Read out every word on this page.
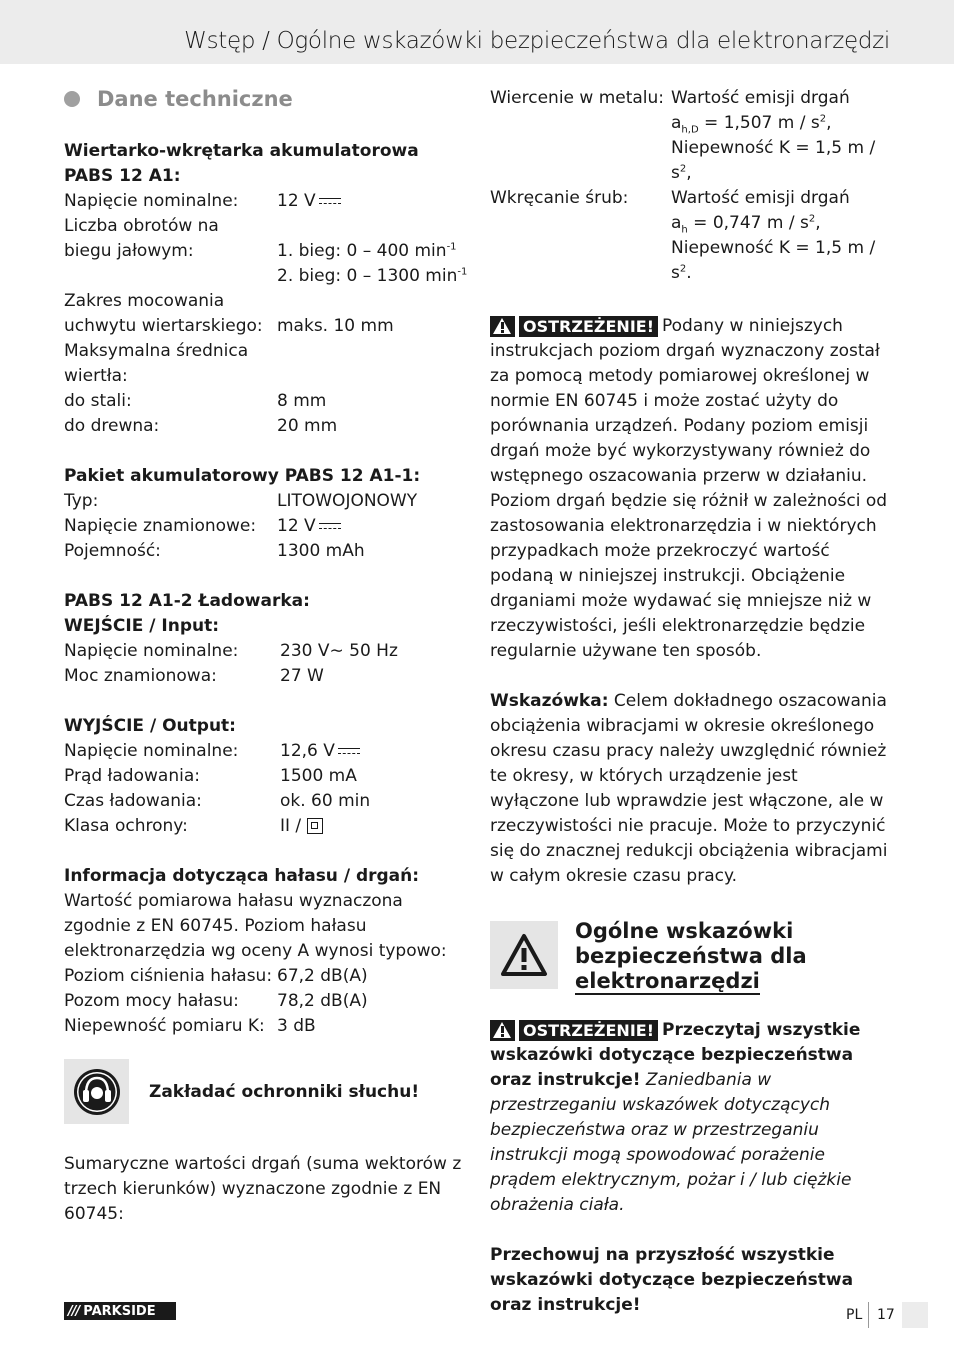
Wstęp / Ogólne wskazówki bezpieczeństwa dla elektronarzędzi
Dane techniczne
Wiertarko-wkrętarka akumulatorowa
PABS 12 A1:
Napięcie nominalne:	12 V
Liczba obrotów na
biegu jałowym:	1. bieg: 0 – 400 $\min^{-1}$
2. bieg: 0 – 1300 $\min^{-1}$
Zakres mocowania
uchwytu wiertarskiego: maks. 10 mm
Maksymalna średnica
wiertła:
do stali:	8 mm
do drewna:	20 mm
Pakiet akumulatorowy PABS 12 A1-1:
Typ:	LITOWOJONOWY
Napięcie znamionowe:	12 V
Pojemność:	1300 mAh
PABS 12 A1-2 Ładowarka:
WEJŚCIE / Input:
Napięcie nominalne:	230 V∼ 50 Hz
Moc znamionowa:	27 W
WYJŚCIE / Output:
Napięcie nominalne:	12,6 V
Prąd ładowania:	1500 mA
Czas ładowania:	ok. 60 min
Klasa ochrony:	II /
Informacja dotycząca hałasu / drgań:
Wartość pomiarowa hałasu wyznaczona zgodnie z EN 60745. Poziom hałasu elektronarzędzia wg oceny A wynosi typowo:
Poziom ciśnienia hałasu: 67,2 dB(A)
Pozom mocy hałasu:	78,2 dB(A)
Niepewność pomiaru K: 3 dB
Zakładać ochronniki słuchu!
Sumaryczne wartości drgań (suma wektorów z trzech kierunków) wyznaczone zgodnie z EN 60745:
Wiercenie w metalu: Wartość emisji drgań
$a_{h,D} = 1,507$ m / $s^2$,
Niepewność K = 1,5 m / $s^2$,
Wkręcanie śrub:	Wartość emisji drgań
$a_h = 0,747$ m / $s^2$,
Niepewność K = 1,5 m / $s^2$.
OSTRZEŻENIE! Podany w niniejszych instrukcjach poziom drgań wyznaczony został za pomocą metody pomiarowej określonej w normie EN 60745 i może zostać użyty do porównania urządzeń. Podany poziom emisji drgań może być wykorzystywany również do wstępnego oszacowania przerw w działaniu.
Poziom drgań będzie się różnił w zależności od zastosowania elektronarzędzia i w niektórych przypadkach może przekroczyć wartość podaną w niniejszej instrukcji. Obciążenie drganiami może wydawać się mniejsze niż w rzeczywistości, jeśli elektronarzędzie będzie regularnie używane ten sposób.
Wskazówka: Celem dokładnego oszacowania obciążenia wibracjami w okresie określonego okresu czasu pracy należy uwzględnić również te okresy, w których urządzenie jest wyłączone lub wprawdzie jest włączone, ale w rzeczywistości nie pracuje. Może to przyczynić się do znacznej redukcji obciążenia wibracjami w całym okresie czasu pracy.
Ogólne wskazówki
bezpieczeństwa dla
elektronarzędzi
OSTRZEŻENIE! Przeczytaj wszystkie wskazówki dotyczące bezpieczeństwa oraz instrukcje! Zaniedbania w przestrzeganiu wskazówek dotyczących bezpieczeństwa oraz w przestrzeganiu instrukcji mogą spowodować porażenie prądem elektrycznym, pożar i / lub ciężkie obrażenia ciała.
Przechowuj na przyszłość wszystkie wskazówki dotyczące bezpieczeństwa oraz instrukcje!
/// PARKSIDE	PL 17
